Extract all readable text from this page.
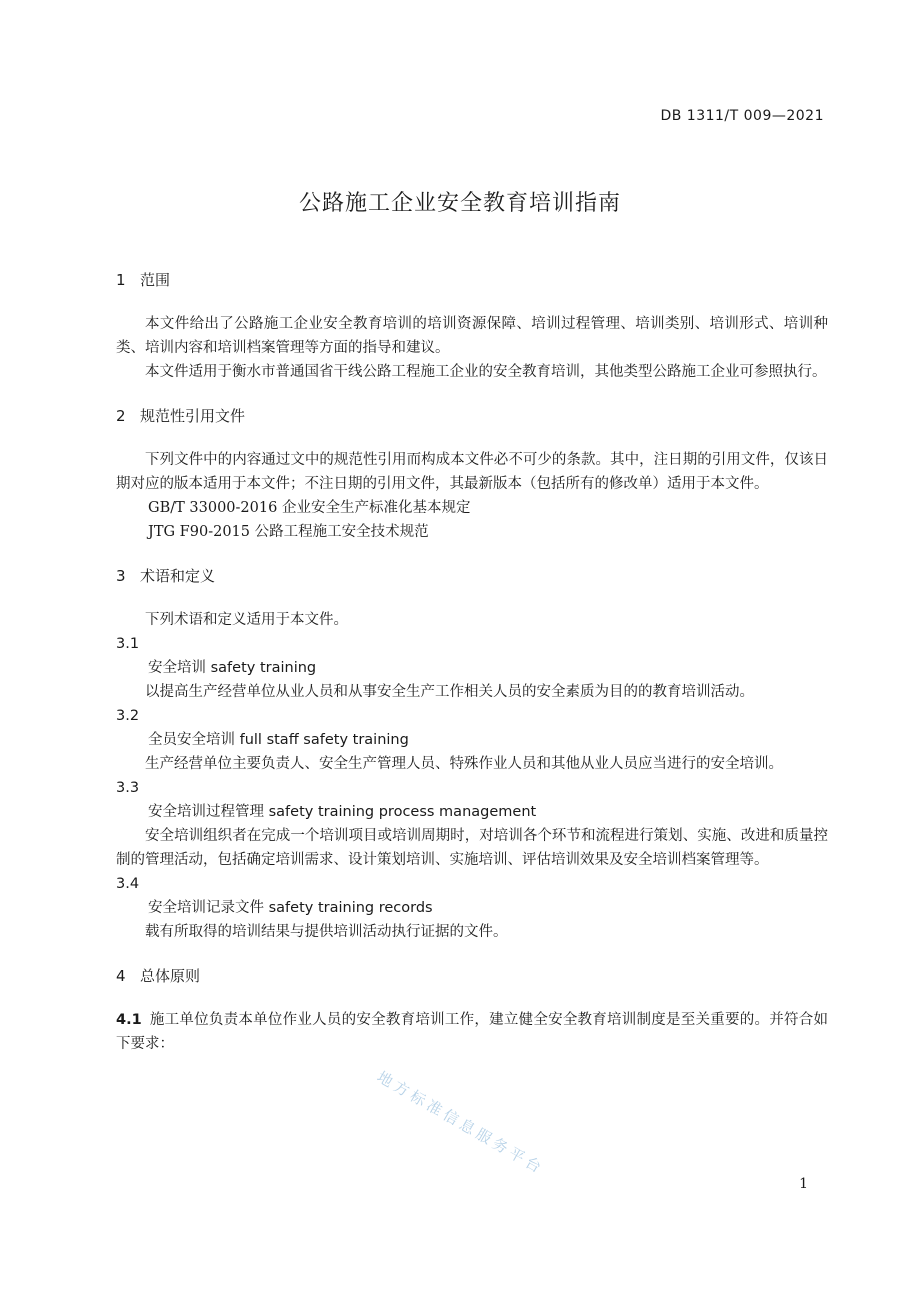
DB 1311/T 009—2021
公路施工企业安全教育培训指南

1 范围

本文件给出了公路施工企业安全教育培训的培训资源保障、培训过程管理、培训类别、培训形式、培训种类、培训内容和培训档案管理等方面的指导和建议。

本文件适用于衡水市普通国省干线公路工程施工企业的安全教育培训，其他类型公路施工企业可参照执行。

2 规范性引用文件

下列文件中的内容通过文中的规范性引用而构成本文件必不可少的条款。其中，注日期的引用文件，仅该日期对应的版本适用于本文件；不注日期的引用文件，其最新版本（包括所有的修改单）适用于本文件。

GB/T 33000-2016 企业安全生产标准化基本规定

JTG F90-2015 公路工程施工安全技术规范

3 术语和定义

下列术语和定义适用于本文件。

3.1

安全培训 safety training

以提高生产经营单位从业人员和从事安全生产工作相关人员的安全素质为目的的教育培训活动。

3.2

全员安全培训 full staff safety training

生产经营单位主要负责人、安全生产管理人员、特殊作业人员和其他从业人员应当进行的安全培训。

3.3

安全培训过程管理 safety training process management

安全培训组织者在完成一个培训项目或培训周期时，对培训各个环节和流程进行策划、实施、改进和质量控制的管理活动，包括确定培训需求、设计策划培训、实施培训、评估培训效果及安全培训档案管理等。

3.4

安全培训记录文件 safety training records

载有所取得的培训结果与提供培训活动执行证据的文件。

4 总体原则

4.1 施工单位负责本单位作业人员的安全教育培训工作，建立健全安全教育培训制度是至关重要的。并符合如下要求：

地方标准信息服务平台
1
